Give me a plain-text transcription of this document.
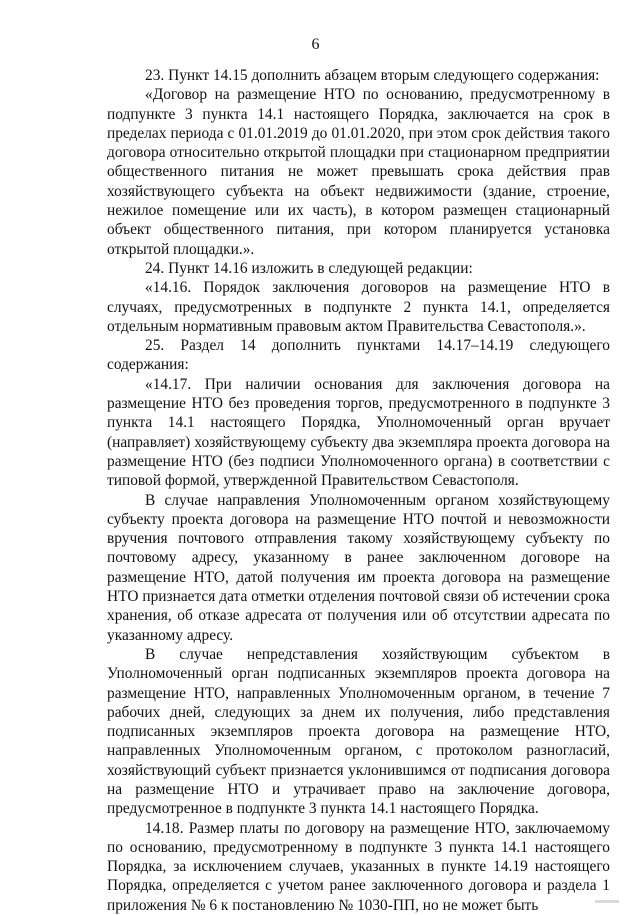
6

23. Пункт 14.15 дополнить абзацем вторым следующего содержания:

«Договор на размещение НТО по основанию, предусмотренному в подпункте 3 пункта 14.1 настоящего Порядка, заключается на срок в пределах периода с 01.01.2019 до 01.01.2020, при этом срок действия такого договора относительно открытой площадки при стационарном предприятии общественного питания не может превышать срока действия прав хозяйствующего субъекта на объект недвижимости (здание, строение, нежилое помещение или их часть), в котором размещен стационарный объект общественного питания, при котором планируется установка открытой площадки.».

24. Пункт 14.16 изложить в следующей редакции:

«14.16. Порядок заключения договоров на размещение НТО в случаях, предусмотренных в подпункте 2 пункта 14.1, определяется отдельным нормативным правовым актом Правительства Севастополя.».

25. Раздел 14 дополнить пунктами 14.17–14.19 следующего содержания:

«14.17. При наличии основания для заключения договора на размещение НТО без проведения торгов, предусмотренного в подпункте 3 пункта 14.1 настоящего Порядка, Уполномоченный орган вручает (направляет) хозяйствующему субъекту два экземпляра проекта договора на размещение НТО (без подписи Уполномоченного органа) в соответствии с типовой формой, утвержденной Правительством Севастополя.

В случае направления Уполномоченным органом хозяйствующему субъекту проекта договора на размещение НТО почтой и невозможности вручения почтового отправления такому хозяйствующему субъекту по почтовому адресу, указанному в ранее заключенном договоре на размещение НТО, датой получения им проекта договора на размещение НТО признается дата отметки отделения почтовой связи об истечении срока хранения, об отказе адресата от получения или об отсутствии адресата по указанному адресу.

В случае непредставления хозяйствующим субъектом в Уполномоченный орган подписанных экземпляров проекта договора на размещение НТО, направленных Уполномоченным органом, в течение 7 рабочих дней, следующих за днем их получения, либо представления подписанных экземпляров проекта договора на размещение НТО, направленных Уполномоченным органом, с протоколом разногласий, хозяйствующий субъект признается уклонившимся от подписания договора на размещение НТО и утрачивает право на заключение договора, предусмотренное в подпункте 3 пункта 14.1 настоящего Порядка.

14.18. Размер платы по договору на размещение НТО, заключаемому по основанию, предусмотренному в подпункте 3 пункта 14.1 настоящего Порядка, за исключением случаев, указанных в пункте 14.19 настоящего Порядка, определяется с учетом ранее заключенного договора и раздела 1 приложения № 6 к постановлению № 1030-ПП, но не может быть
